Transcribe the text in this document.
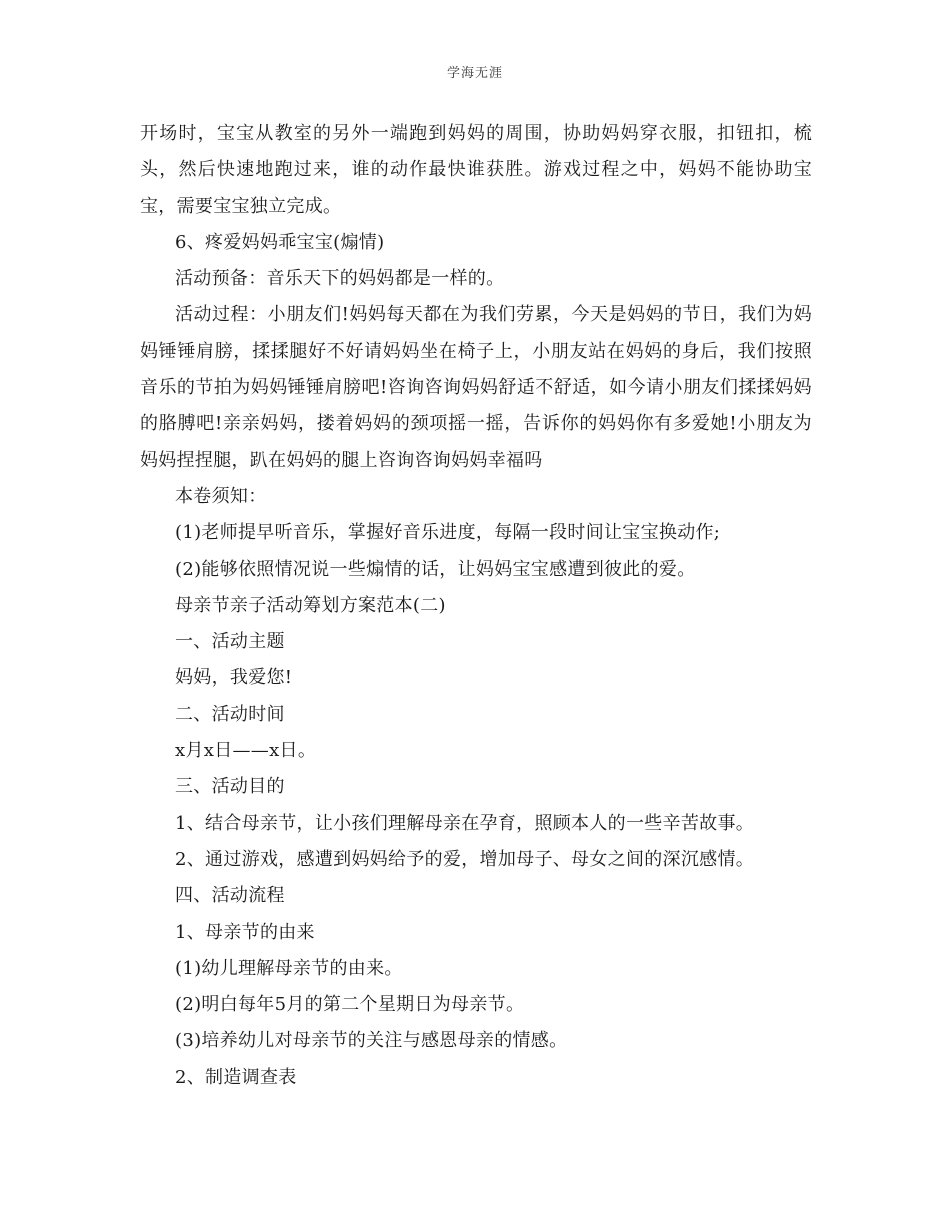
学海无涯

开场时，宝宝从教室的另外一端跑到妈妈的周围，协助妈妈穿衣服，扣钮扣，梳头，然后快速地跑过来，谁的动作最快谁获胜。游戏过程之中，妈妈不能协助宝宝，需要宝宝独立完成。

6、疼爱妈妈乖宝宝(煽情)

活动预备：音乐天下的妈妈都是一样的。

活动过程：小朋友们!妈妈每天都在为我们劳累，今天是妈妈的节日，我们为妈妈锤锤肩膀，揉揉腿好不好请妈妈坐在椅子上，小朋友站在妈妈的身后，我们按照音乐的节拍为妈妈锤锤肩膀吧!咨询咨询妈妈舒适不舒适，如今请小朋友们揉揉妈妈的胳膊吧!亲亲妈妈，搂着妈妈的颈项摇一摇，告诉你的妈妈你有多爱她!小朋友为妈妈捏捏腿，趴在妈妈的腿上咨询咨询妈妈幸福吗

本卷须知：

(1)老师提早听音乐，掌握好音乐进度，每隔一段时间让宝宝换动作;

(2)能够依照情况说一些煽情的话，让妈妈宝宝感遭到彼此的爱。

母亲节亲子活动筹划方案范本(二)

一、活动主题

妈妈，我爱您!

二、活动时间

x月x日——x日。

三、活动目的

1、结合母亲节，让小孩们理解母亲在孕育，照顾本人的一些辛苦故事。

2、通过游戏，感遭到妈妈给予的爱，增加母子、母女之间的深沉感情。

四、活动流程

1、母亲节的由来

(1)幼儿理解母亲节的由来。

(2)明白每年5月的第二个星期日为母亲节。

(3)培养幼儿对母亲节的关注与感恩母亲的情感。

2、制造调查表
